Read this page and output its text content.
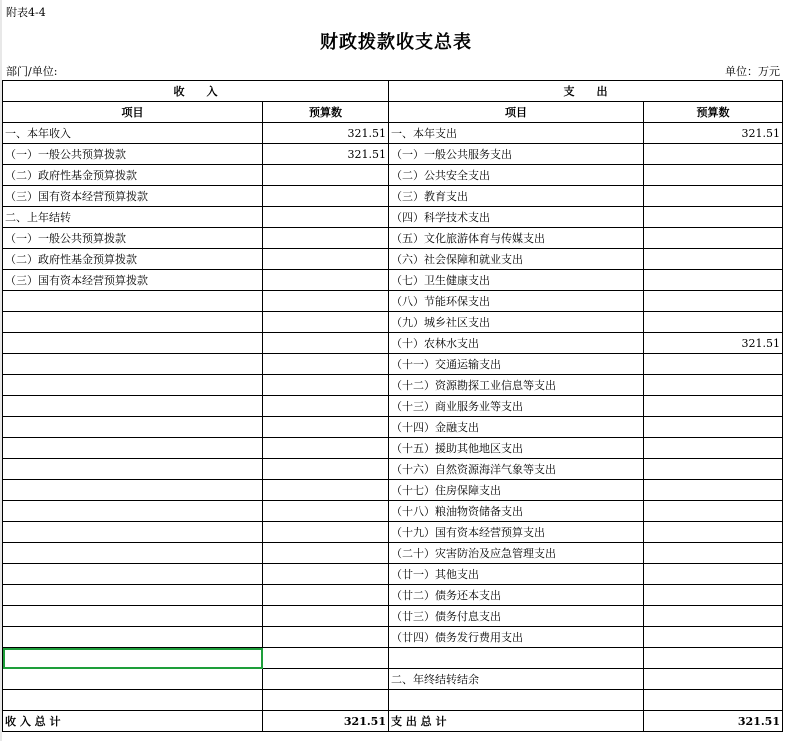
附表4-4
财政拨款收支总表
部门/单位:	单位：万元
收　　入		支　　出	
项目	预算数	项目	预算数
一、本年收入	321.51	一、本年支出	321.51
（一）一般公共预算拨款	321.51	（一）一般公共服务支出	
（二）政府性基金预算拨款		（二）公共安全支出	
（三）国有资本经营预算拨款		（三）教育支出	
二、上年结转		（四）科学技术支出	
（一）一般公共预算拨款		（五）文化旅游体育与传媒支出	
（二）政府性基金预算拨款		（六）社会保障和就业支出	
（三）国有资本经营预算拨款		（七）卫生健康支出	
		（八）节能环保支出	
		（九）城乡社区支出	
		（十）农林水支出	321.51
		（十一）交通运输支出	
		（十二）资源勘探工业信息等支出	
		（十三）商业服务业等支出	
		（十四）金融支出	
		（十五）援助其他地区支出	
		（十六）自然资源海洋气象等支出	
		（十七）住房保障支出	
		（十八）粮油物资储备支出	
		（十九）国有资本经营预算支出	
		（二十）灾害防治及应急管理支出	
		（廿一）其他支出	
		（廿二）债务还本支出	
		（廿三）债务付息支出	
		（廿四）债务发行费用支出	

		二、年终结转结余	

收 入 总 计	321.51	支 出 总 计	321.51
